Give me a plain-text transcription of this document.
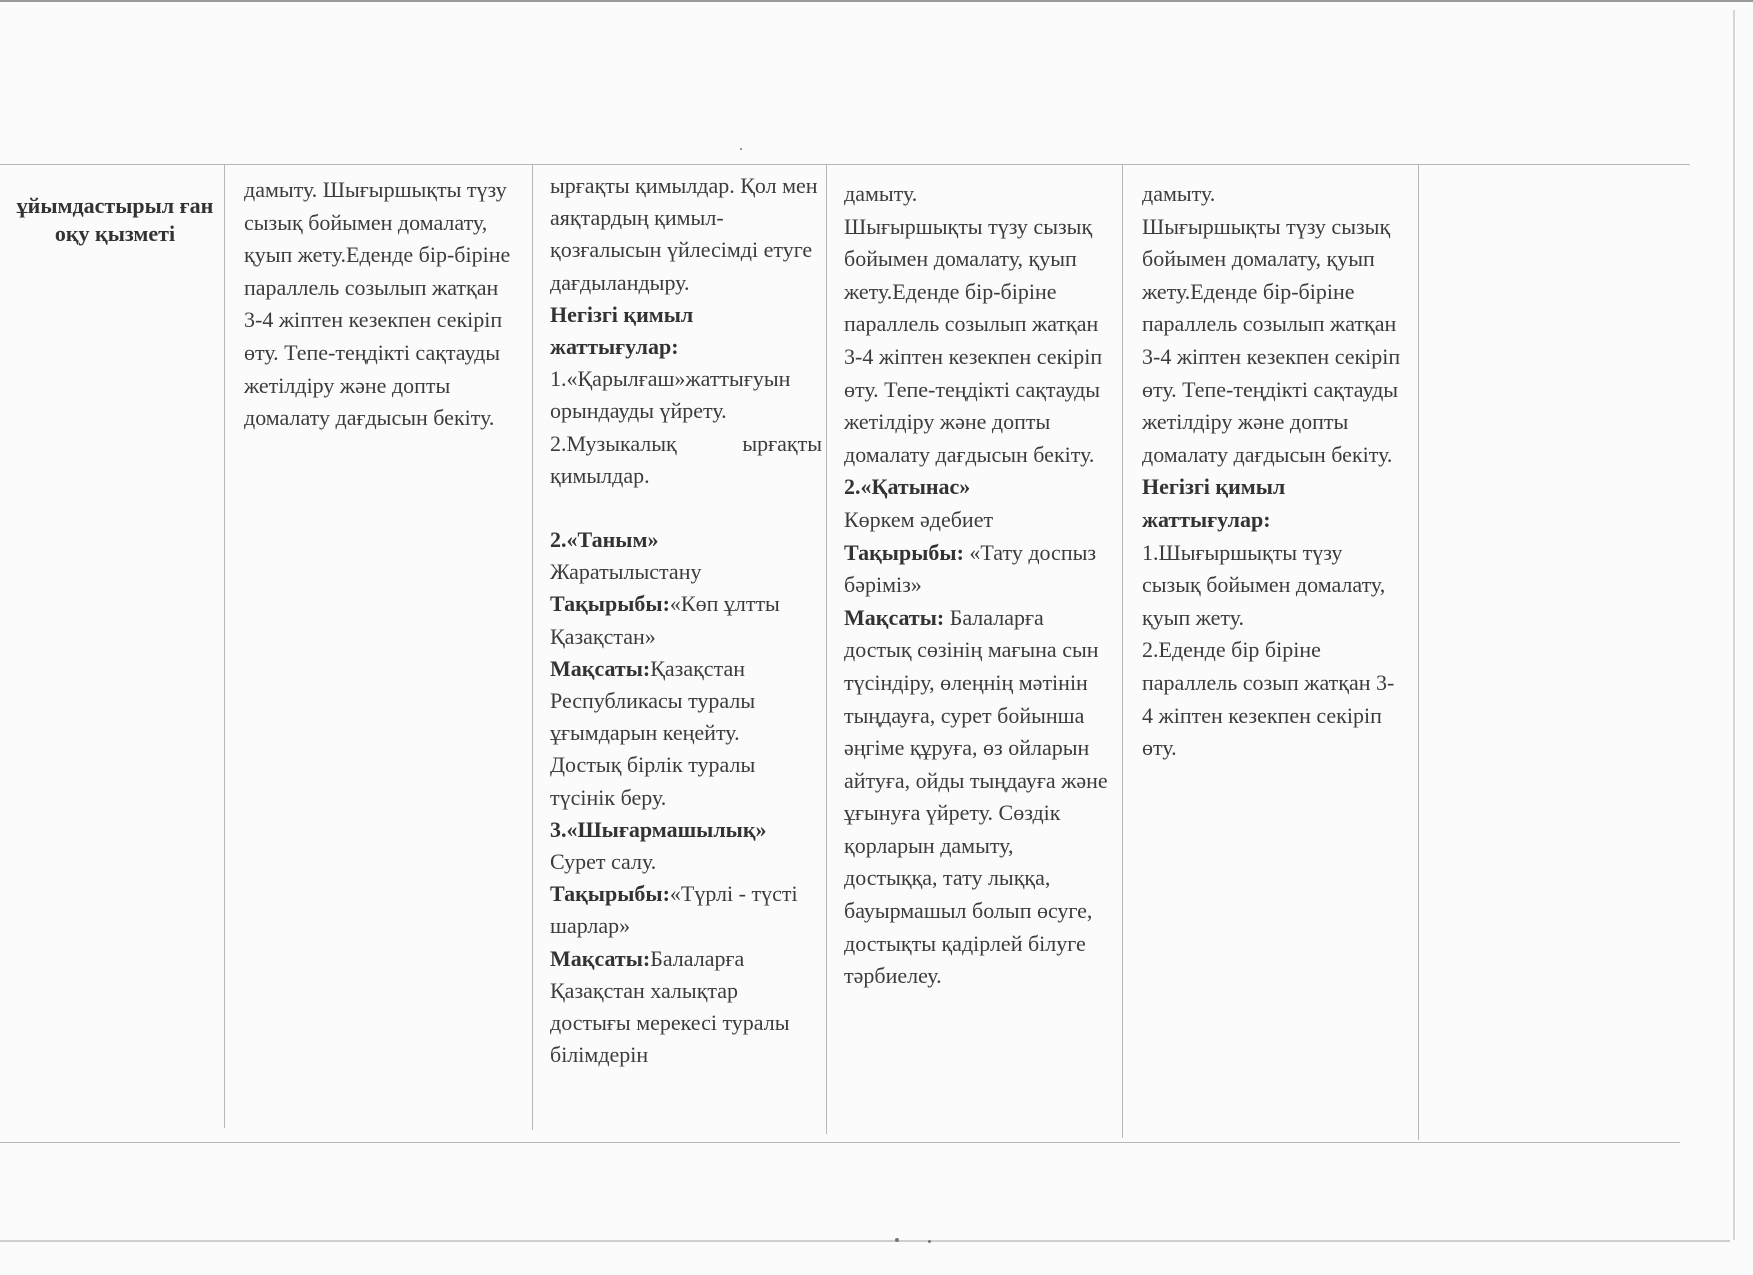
ұйымдастырыл ған оқу қызметі

дамыту. Шығыршықты түзу сызық бойымен домалату, қуып жету.Еденде бір-біріне параллель созылып жатқан 3-4 жіптен кезекпен секіріп өту. Тепе-теңдікті сақтауды жетілдіру және допты домалату дағдысын бекіту.

ырғақты қимылдар. Қол мен аяқтардың қимыл-қозғалысын үйлесімді етуге дағдыландыру.

Негізгі қимыл жаттығулар:

1.«Қарылғаш»жаттығуын орындауды үйрету.

2.Музыкалық ырғақты қимылдар.

2.«Таным»

Жаратылыстану

Тақырыбы:«Көп ұлтты Қазақстан»

Мақсаты:Қазақстан Республикасы туралы ұғымдарын кеңейту.

Достық бірлік туралы түсінік беру.

3.«Шығармашылық»

Сурет салу.

Тақырыбы:«Түрлі - түсті шарлар»

Мақсаты:Балаларға Қазақстан халықтар достығы мерекесі туралы білімдерін

дамыту.

Шығыршықты түзу сызық бойымен домалату, қуып жету.Еденде бір-біріне параллель созылып жатқан 3-4 жіптен кезекпен секіріп өту. Тепе-теңдікті сақтауды жетілдіру және допты домалату дағдысын бекіту.

2.«Қатынас»

Көркем әдебиет

Тақырыбы: «Тату доспыз бәріміз»

Мақсаты: Балаларға достық сөзінің мағына сын түсіндіру, өлеңнің мәтінін тыңдауға, сурет бойынша әңгіме құруға, өз ойларын айтуға, ойды тыңдауға және ұғынуға үйрету. Сөздік қорларын дамыту, достыққа, тату лыққа, бауырмашыл болып өсуге, достықты қадірлей білуге тәрбиелеу.

дамыту.

Шығыршықты түзу сызық бойымен домалату, қуып жету.Еденде бір-біріне параллель созылып жатқан 3-4 жіптен кезекпен секіріп өту. Тепе-теңдікті сақтауды жетілдіру және допты домалату дағдысын бекіту.

Негізгі қимыл жаттығулар:

1.Шығыршықты түзу сызық бойымен домалату, қуып жету.

2.Еденде бір біріне параллель созып жатқан 3-4 жіптен кезекпен секіріп өту.
